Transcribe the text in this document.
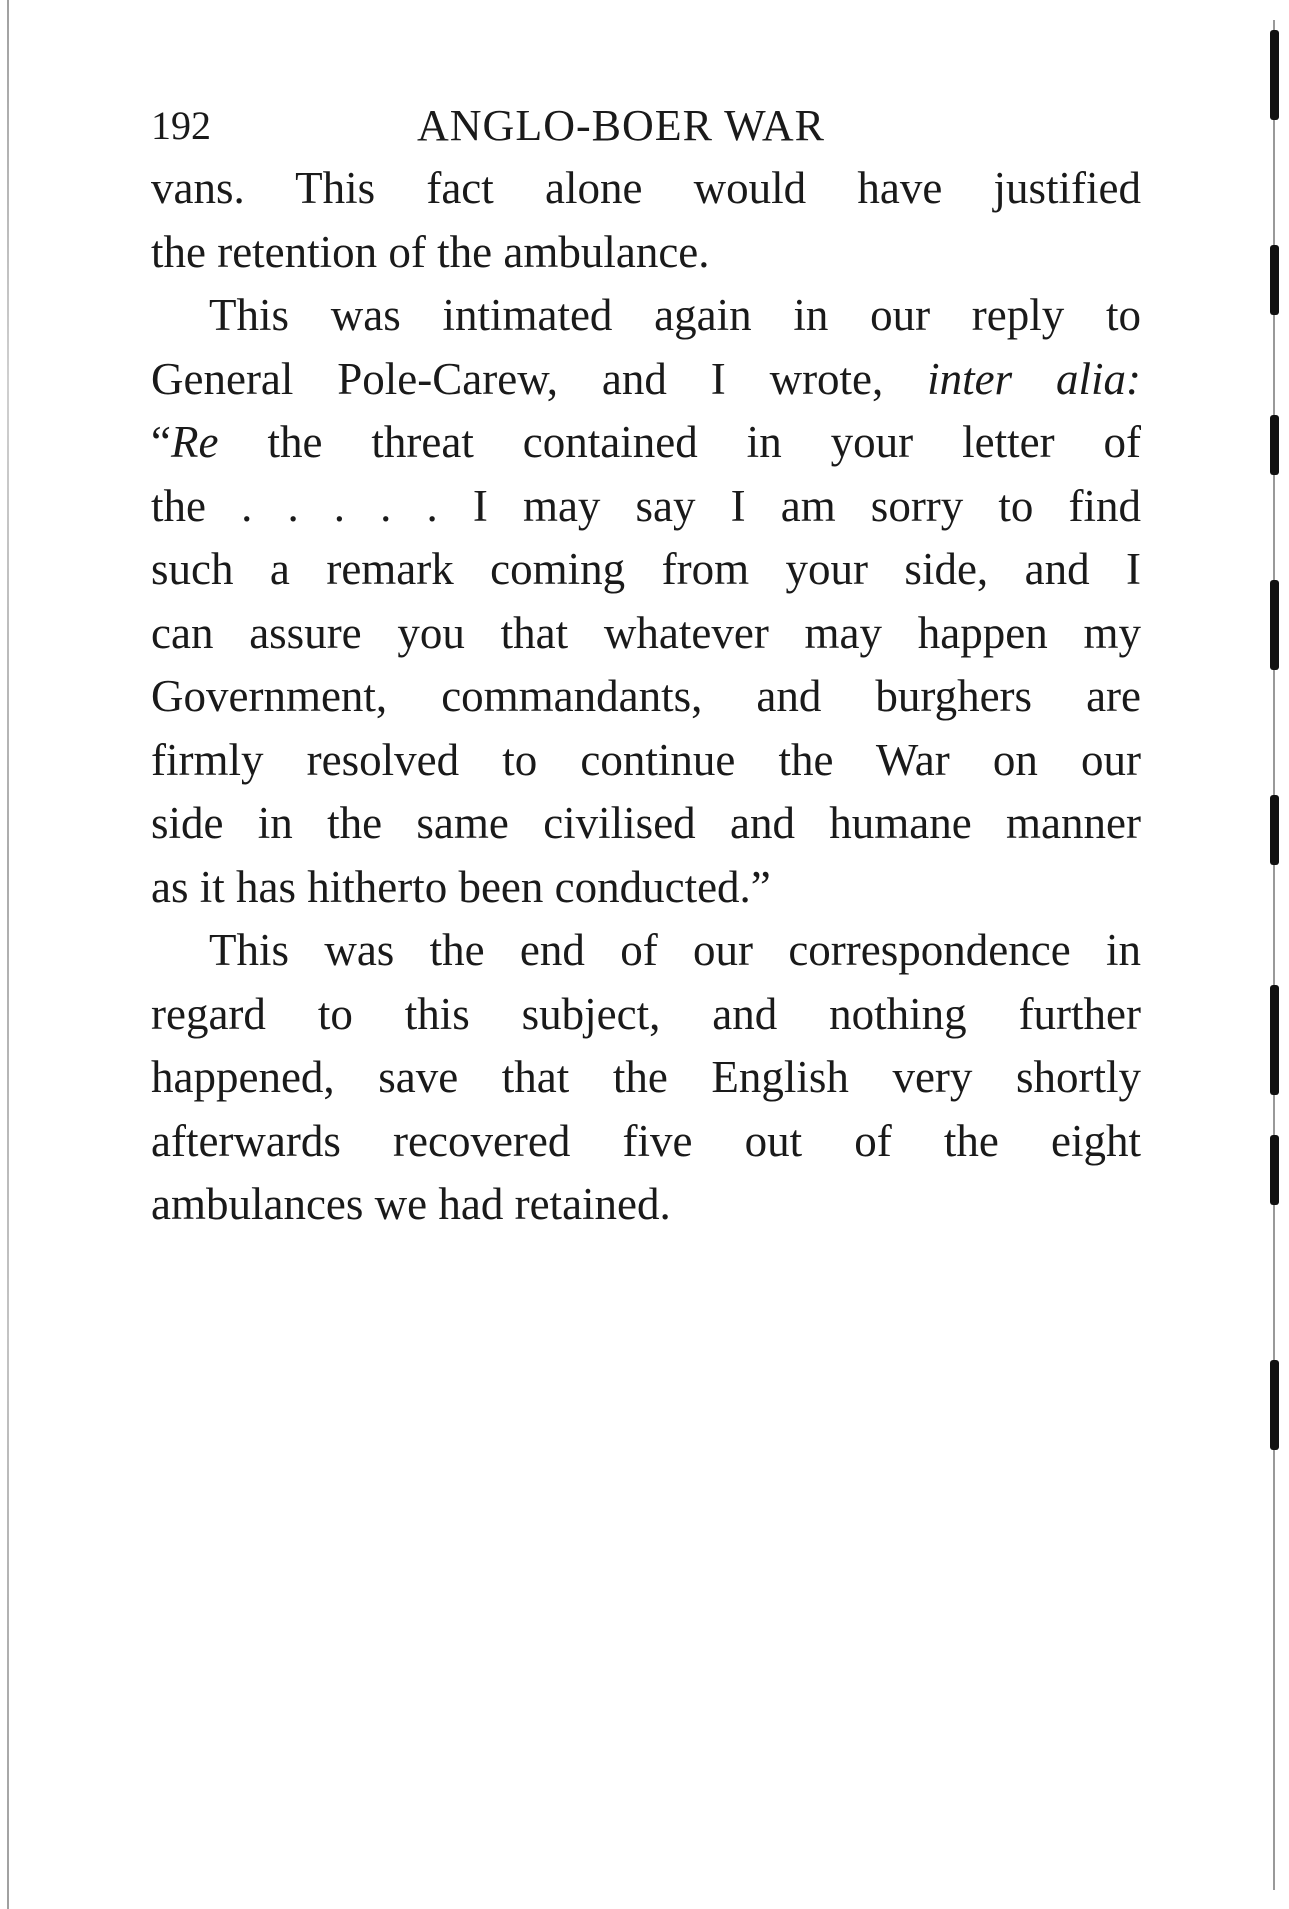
192	ANGLO-BOER WAR
vans. This fact alone would have justified
the retention of the ambulance.
This was intimated again in our reply to
General Pole-Carew, and I wrote, inter alia:
“Re the threat contained in your letter of
the . . . . . I may say I am sorry to find
such a remark coming from your side, and I
can assure you that whatever may happen my
Government, commandants, and burghers are
firmly resolved to continue the War on our
side in the same civilised and humane manner
as it has hitherto been conducted.”
This was the end of our correspondence in
regard to this subject, and nothing further
happened, save that the English very shortly
afterwards recovered five out of the eight
ambulances we had retained.
